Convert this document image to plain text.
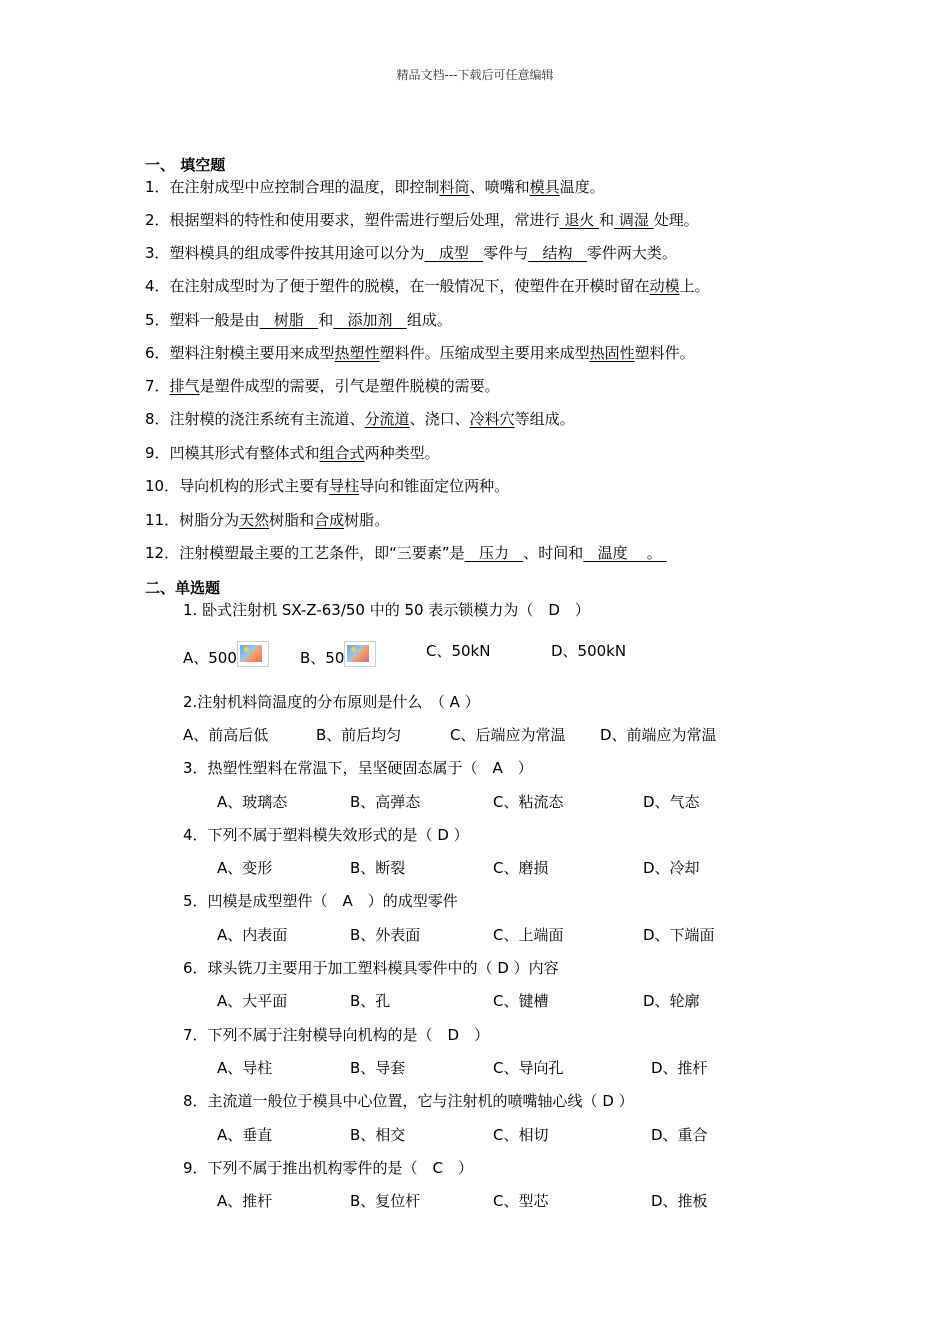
精品文档---下载后可任意编辑
一、 填空题
1．在注射成型中应控制合理的温度，即控制料筒、喷嘴和模具温度。
2．根据塑料的特性和使用要求，塑件需进行塑后处理，常进行 退火 和 调湿 处理。
3．塑料模具的组成零件按其用途可以分为 成型 零件与 结构 零件两大类。
4．在注射成型时为了便于塑件的脱模，在一般情况下，使塑件在开模时留在动模上。
5．塑料一般是由 树脂 和 添加剂 组成。
6．塑料注射模主要用来成型热塑性塑料件。压缩成型主要用来成型热固性塑料件。
7．排气是塑件成型的需要，引气是塑件脱模的需要。
8．注射模的浇注系统有主流道、分流道、浇口、冷料穴等组成。
9．凹模其形式有整体式和组合式两种类型。
10．导向机构的形式主要有导柱导向和锥面定位两种。
11．树脂分为天然树脂和合成树脂。
12．注射模塑最主要的工艺条件，即“三要素”是 压力 、时间和 温度 。
二、单选题
1. 卧式注射机 SX-Z-63/50 中的 50 表示锁模力为（　D　）
A、500	B、50	C、50kN	D、500kN
2.注射机料筒温度的分布原则是什么　（ A ）
A、前高后低	B、前后均匀	C、后端应为常温 D、前端应为常温
3．热塑性塑料在常温下，呈坚硬固态属于（　A　）
A、玻璃态	B、高弹态	C、粘流态	D、气态
4．下列不属于塑料模失效形式的是（ D ）
A、变形	B、断裂	C、磨损	D、冷却
5．凹模是成型塑件（　A　）的成型零件
A、内表面	B、外表面	C、上端面	D、下端面
6．球头铣刀主要用于加工塑料模具零件中的（ D ）内容
A、大平面	B、孔	C、键槽	D、轮廓
7．下列不属于注射模导向机构的是（　D　）
A、导柱	B、导套	C、导向孔	D、推杆
8．主流道一般位于模具中心位置，它与注射机的喷嘴轴心线（ D ）
A、垂直	B、相交	C、相切	D、重合
9．下列不属于推出机构零件的是（　C　）
A、推杆	B、复位杆	C、型芯	D、推板
